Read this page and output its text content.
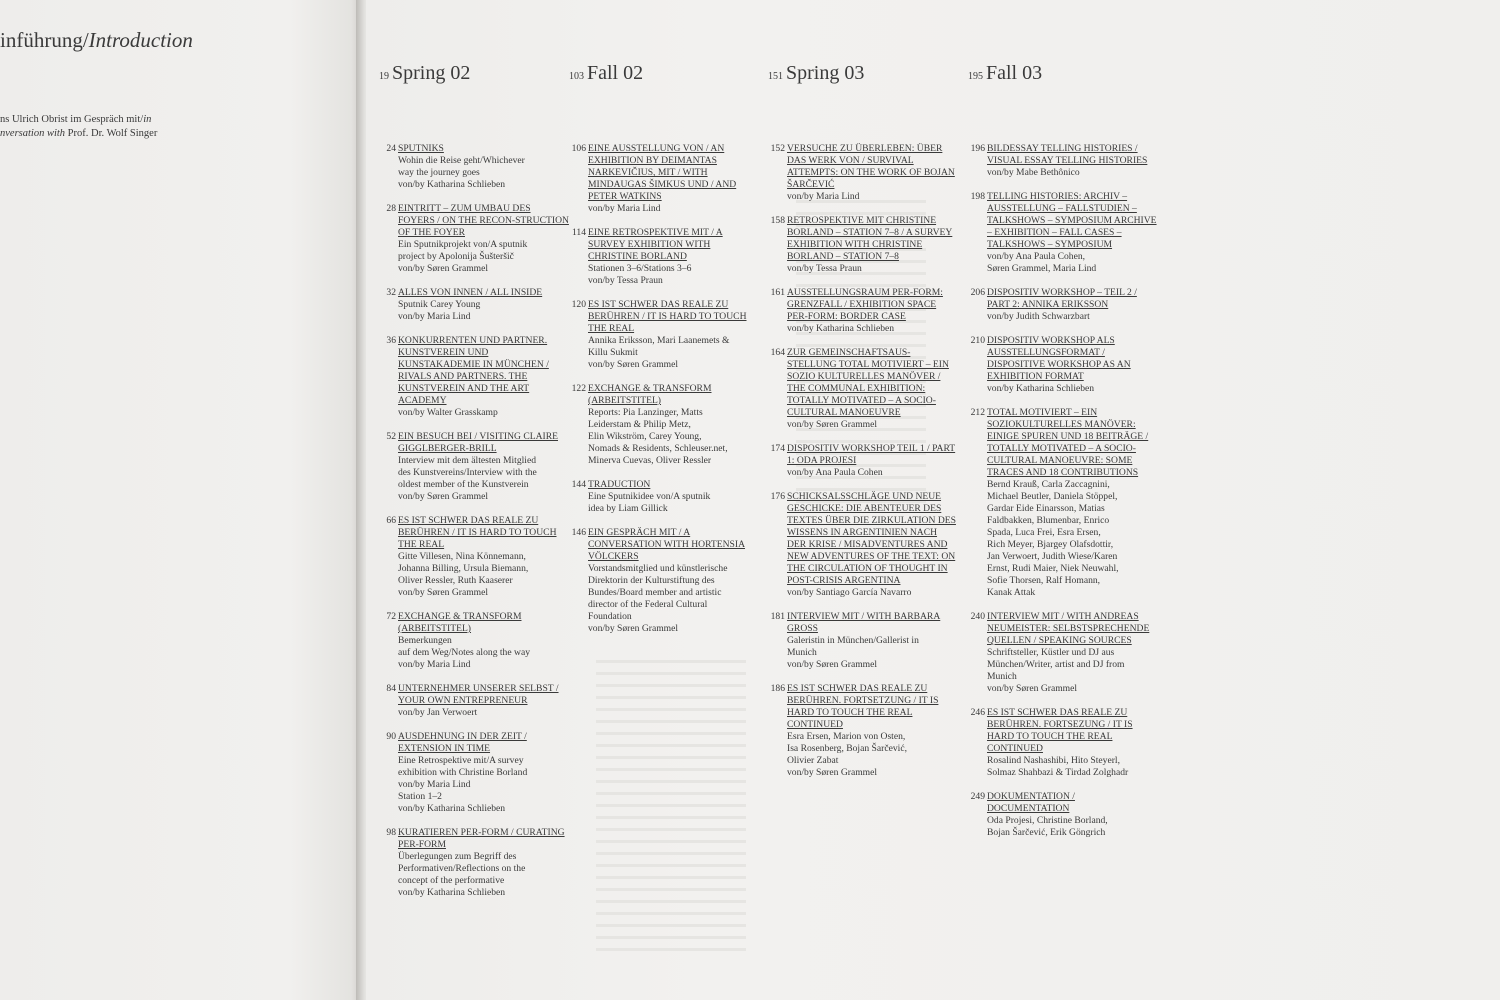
inführung/Introduction
ns Ulrich Obrist im Gespräch mit/in
nversation with Prof. Dr. Wolf Singer

19 Spring 02
24 SPUTNIKS
Wohin die Reise geht/Whichever
way the journey goes
von/by Katharina Schlieben
28 EINTRITT – ZUM UMBAU DES FOYERS / ON THE RECON-STRUCTION OF THE FOYER
Ein Sputnikprojekt von/A sputnik
project by Apolonija Šušteršič
von/by Søren Grammel
32 ALLES VON INNEN / ALL INSIDE
Sputnik Carey Young
von/by Maria Lind
36 KONKURRENTEN UND PARTNER. KUNSTVEREIN UND KUNSTAKADEMIE IN MÜNCHEN / RIVALS AND PARTNERS. THE KUNSTVEREIN AND THE ART ACADEMY
von/by Walter Grasskamp
52 EIN BESUCH BEI / VISITING CLAIRE GIGGLBERGER-BRILL
Interview mit dem ältesten Mitglied
des Kunstvereins/Interview with the
oldest member of the Kunstverein
von/by Søren Grammel
66 ES IST SCHWER DAS REALE ZU BERÜHREN / IT IS HARD TO TOUCH THE REAL
Gitte Villesen, Nina Könnemann,
Johanna Billing, Ursula Biemann,
Oliver Ressler, Ruth Kaaserer
von/by Søren Grammel
72 EXCHANGE & TRANSFORM (ARBEITSTITEL)
Bemerkungen
auf dem Weg/Notes along the way
von/by Maria Lind
84 UNTERNEHMER UNSERER SELBST / YOUR OWN ENTREPRENEUR
von/by Jan Verwoert
90 AUSDEHNUNG IN DER ZEIT / EXTENSION IN TIME
Eine Retrospektive mit/A survey
exhibition with Christine Borland
von/by Maria Lind
Station 1–2
von/by Katharina Schlieben
98 KURATIEREN PER-FORM / CURATING PER-FORM
Überlegungen zum Begriff des
Performativen/Reflections on the
concept of the performative
von/by Katharina Schlieben
103 Fall 02
106 EINE AUSSTELLUNG VON / AN EXHIBITION BY DEIMANTAS NARKEVIČIUS, MIT / WITH MINDAUGAS ŠIMKUS UND / AND PETER WATKINS
von/by Maria Lind
114 EINE RETROSPEKTIVE MIT / A SURVEY EXHIBITION WITH CHRISTINE BORLAND
Stationen 3–6/Stations 3–6
von/by Tessa Praun
120 ES IST SCHWER DAS REALE ZU BERÜHREN / IT IS HARD TO TOUCH THE REAL
Annika Eriksson, Mari Laanemets &
Killu Sukmit
von/by Søren Grammel
122 EXCHANGE & TRANSFORM (ARBEITSTITEL)
Reports: Pia Lanzinger, Matts
Leiderstam & Philip Metz,
Elin Wikström, Carey Young,
Nomads & Residents, Schleuser.net,
Minerva Cuevas, Oliver Ressler
144 TRADUCTION
Eine Sputnikidee von/A sputnik
idea by Liam Gillick
146 EIN GESPRÄCH MIT / A CONVERSATION WITH HORTENSIA VÖLCKERS
Vorstandsmitglied und künstlerische
Direktorin der Kulturstiftung des
Bundes/Board member and artistic
director of the Federal Cultural
Foundation
von/by Søren Grammel
151 Spring 03
152 VERSUCHE ZU ÜBERLEBEN: ÜBER DAS WERK VON / SURVIVAL ATTEMPTS: ON THE WORK OF BOJAN ŠARČEVIĆ
von/by Maria Lind
158 RETROSPEKTIVE MIT CHRISTINE BORLAND – STATION 7–8 / A SURVEY EXHIBITION WITH CHRISTINE BORLAND – STATION 7–8
von/by Tessa Praun
161 AUSSTELLUNGSRAUM PER-FORM: GRENZFALL / EXHIBITION SPACE PER-FORM: BORDER CASE
von/by Katharina Schlieben
164 ZUR GEMEINSCHAFTSAUS-STELLUNG TOTAL MOTIVIERT – EIN SOZIO KULTURELLES MANÖVER / THE COMMUNAL EXHIBITION: TOTALLY MOTIVATED – A SOCIO-CULTURAL MANOEUVRE
von/by Søren Grammel
174 DISPOSITIV WORKSHOP TEIL 1 / PART 1: ODA PROJESI
von/by Ana Paula Cohen
176 SCHICKSALSSCHLÄGE UND NEUE GESCHICKE: DIE ABENTEUER DES TEXTES ÜBER DIE ZIRKULATION DES WISSENS IN ARGENTINIEN NACH DER KRISE / MISADVENTURES AND NEW ADVENTURES OF THE TEXT: ON THE CIRCULATION OF THOUGHT IN POST-CRISIS ARGENTINA
von/by Santiago García Navarro
181 INTERVIEW MIT / WITH BARBARA GROSS
Galeristin in München/Gallerist in
Munich
von/by Søren Grammel
186 ES IST SCHWER DAS REALE ZU BERÜHREN. FORTSETZUNG / IT IS HARD TO TOUCH THE REAL CONTINUED
Esra Ersen, Marion von Osten,
Isa Rosenberg, Bojan Šarčević,
Olivier Zabat
von/by Søren Grammel
195 Fall 03
196 BILDESSAY TELLING HISTORIES / VISUAL ESSAY TELLING HISTORIES
von/by Mabe Bethônico
198 TELLING HISTORIES: ARCHIV – AUSSTELLUNG – FALLSTUDIEN – TALKSHOWS – SYMPOSIUM ARCHIVE – EXHIBITION – FALL CASES – TALKSHOWS – SYMPOSIUM
von/by Ana Paula Cohen,
Søren Grammel, Maria Lind
206 DISPOSITIV WORKSHOP – TEIL 2 / PART 2: ANNIKA ERIKSSON
von/by Judith Schwarzbart
210 DISPOSITIV WORKSHOP ALS AUSSTELLUNGSFORMAT / DISPOSITIVE WORKSHOP AS AN EXHIBITION FORMAT
von/by Katharina Schlieben
212 TOTAL MOTIVIERT – EIN SOZIOKULTURELLES MANÖVER: EINIGE SPUREN UND 18 BEITRÄGE / TOTALLY MOTIVATED – A SOCIO-CULTURAL MANOEUVRE: SOME TRACES AND 18 CONTRIBUTIONS
Bernd Krauß, Carla Zaccagnini,
Michael Beutler, Daniela Stöppel,
Gardar Eide Einarsson, Matias
Faldbakken, Blumenbar, Enrico
Spada, Luca Frei, Esra Ersen,
Rich Meyer, Bjargey Olafsdottir,
Jan Verwoert, Judith Wiese/Karen
Ernst, Rudi Maier, Niek Neuwahl,
Sofie Thorsen, Ralf Homann,
Kanak Attak
240 INTERVIEW MIT / WITH ANDREAS NEUMEISTER: SELBSTSPRECHENDE QUELLEN / SPEAKING SOURCES
Schriftsteller, Küstler und DJ aus
München/Writer, artist and DJ from
Munich
von/by Søren Grammel
246 ES IST SCHWER DAS REALE ZU BERÜHREN. FORTSEZUNG / IT IS HARD TO TOUCH THE REAL CONTINUED
Rosalind Nashashibi, Hito Steyerl,
Solmaz Shahbazi & Tirdad Zolghadr
249 DOKUMENTATION / DOCUMENTATION
Oda Projesi, Christine Borland,
Bojan Šarčević, Erik Göngrich
